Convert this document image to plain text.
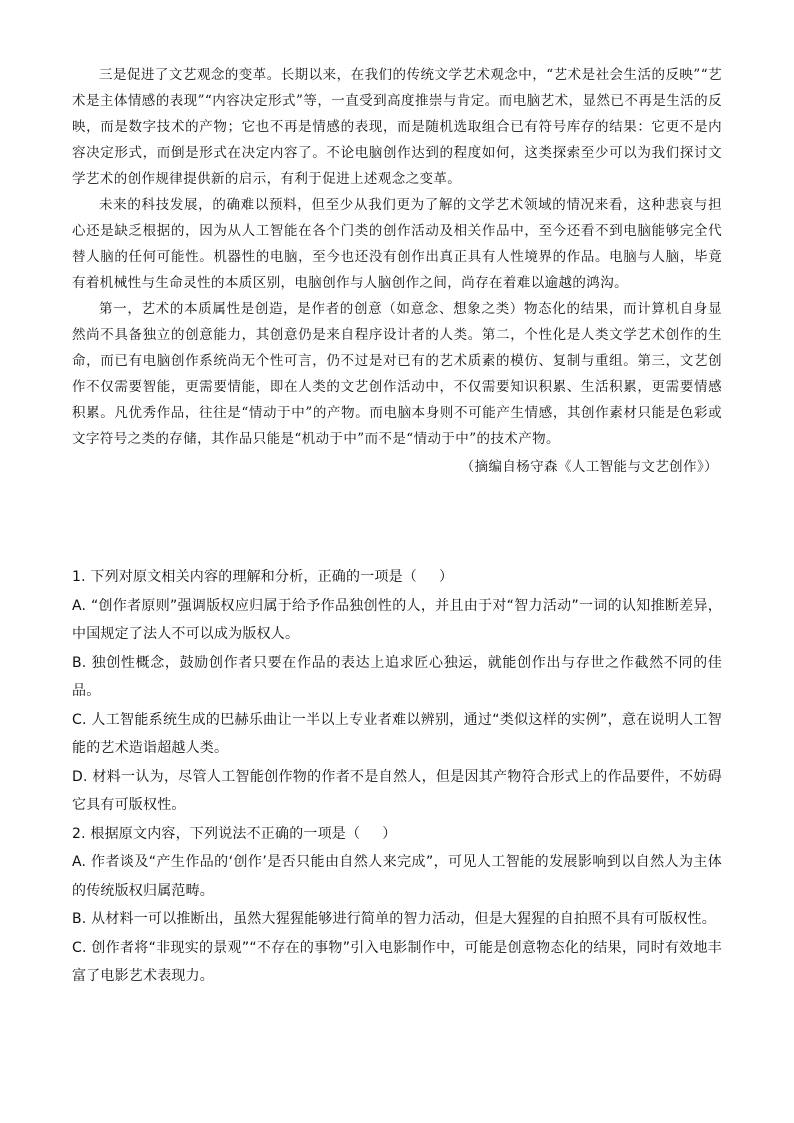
三是促进了文艺观念的变革。长期以来，在我们的传统文学艺术观念中，“艺术是社会生活的反映”“艺术是主体情感的表现”“内容决定形式”等，一直受到高度推崇与肯定。而电脑艺术，显然已不再是生活的反映，而是数字技术的产物；它也不再是情感的表现，而是随机选取组合已有符号库存的结果：它更不是内容决定形式，而倒是形式在决定内容了。不论电脑创作达到的程度如何，这类探索至少可以为我们探讨文学艺术的创作规律提供新的启示，有利于促进上述观念之变革。

未来的科技发展，的确难以预料，但至少从我们更为了解的文学艺术领域的情况来看，这种悲哀与担心还是缺乏根据的，因为从人工智能在各个门类的创作活动及相关作品中，至今还看不到电脑能够完全代替人脑的任何可能性。机器性的电脑，至今也还没有创作出真正具有人性境界的作品。电脑与人脑，毕竟有着机械性与生命灵性的本质区别，电脑创作与人脑创作之间，尚存在着难以逾越的鸿沟。

第一，艺术的本质属性是创造，是作者的创意（如意念、想象之类）物态化的结果，而计算机自身显然尚不具备独立的创意能力，其创意仍是来自程序设计者的人类。第二，个性化是人类文学艺术创作的生命，而已有电脑创作系统尚无个性可言，仍不过是对已有的艺术质素的模仿、复制与重组。第三，文艺创作不仅需要智能，更需要情能，即在人类的文艺创作活动中，不仅需要知识积累、生活积累，更需要情感积累。凡优秀作品，往往是“情动于中”的产物。而电脑本身则不可能产生情感，其创作素材只能是色彩或文字符号之类的存储，其作品只能是“机动于中”而不是“情动于中”的技术产物。

（摘编自杨守森《人工智能与文艺创作》）

1. 下列对原文相关内容的理解和分析，正确的一项是（ ）

A. “创作者原则”强调版权应归属于给予作品独创性的人，并且由于对“智力活动”一词的认知推断差异，中国规定了法人不可以成为版权人。

B. 独创性概念，鼓励创作者只要在作品的表达上追求匠心独运，就能创作出与存世之作截然不同的佳品。

C. 人工智能系统生成的巴赫乐曲让一半以上专业者难以辨别，通过“类似这样的实例”，意在说明人工智能的艺术造诣超越人类。

D. 材料一认为，尽管人工智能创作物的作者不是自然人，但是因其产物符合形式上的作品要件，不妨碍它具有可版权性。

2. 根据原文内容，下列说法不正确的一项是（ ）

A. 作者谈及“产生作品的‘创作’是否只能由自然人来完成”，可见人工智能的发展影响到以自然人为主体的传统版权归属范畴。

B. 从材料一可以推断出，虽然大猩猩能够进行简单的智力活动，但是大猩猩的自拍照不具有可版权性。

C. 创作者将“非现实的景观”“不存在的事物”引入电影制作中，可能是创意物态化的结果，同时有效地丰富了电影艺术表现力。
